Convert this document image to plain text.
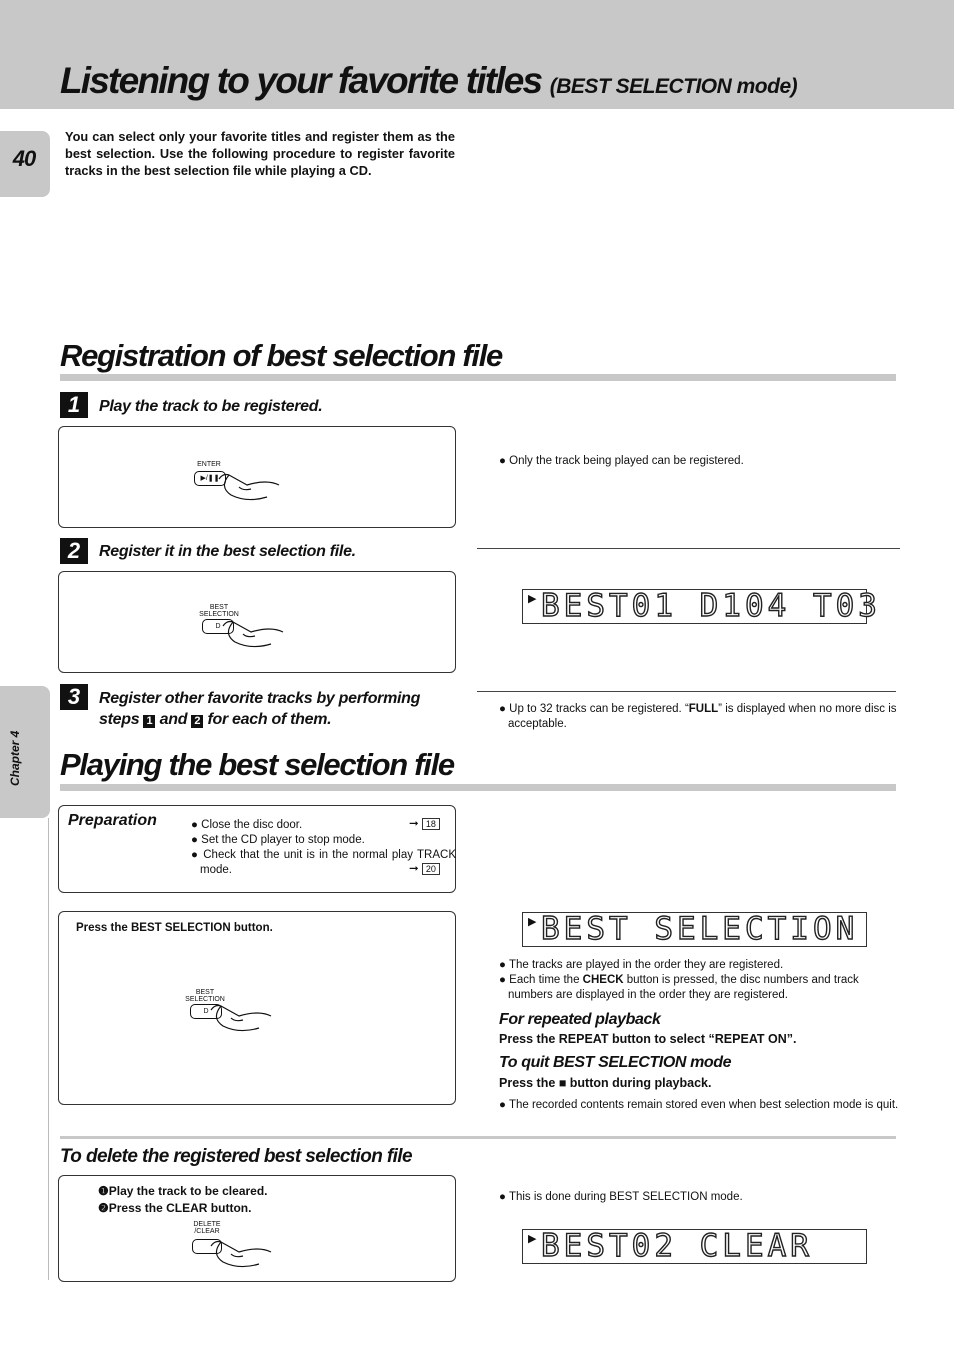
Listening to your favorite titles (BEST SELECTION mode)
40
Chapter 4
You can select only your favorite titles and register them as the best selection. Use the following procedure to register favorite tracks in the best selection file while playing a CD.
Registration of best selection file
1	Play the track to be registered.
ENTER
▶/❚❚
● Only the track being played can be registered.
2	Register it in the best selection file.
BEST SELECTION
D
▶ BEST01 D104 T03
3	Register other favorite tracks by performing
steps 1 and 2 for each of them.
● Up to 32 tracks can be registered. “FULL” is displayed when no more disc is acceptable.
Playing the best selection file
Preparation	● Close the disc door.	➞ 18
● Set the CD player to stop mode.
● Check that the unit is in the normal play TRACK mode.	➞ 20
Press the BEST SELECTION button.
BEST SELECTION
D
▶ BEST SELECTION
● The tracks are played in the order they are registered.
● Each time the CHECK button is pressed, the disc numbers and track numbers are displayed in the order they are registered.
For repeated playback
Press the REPEAT button to select “REPEAT ON”.
To quit BEST SELECTION mode
Press the ■ button during playback.
● The recorded contents remain stored even when best selection mode is quit.
To delete the registered best selection file
❶Play the track to be cleared.
❷Press the CLEAR button.
DELETE /CLEAR
● This is done during BEST SELECTION mode.
▶ BEST02 CLEAR
